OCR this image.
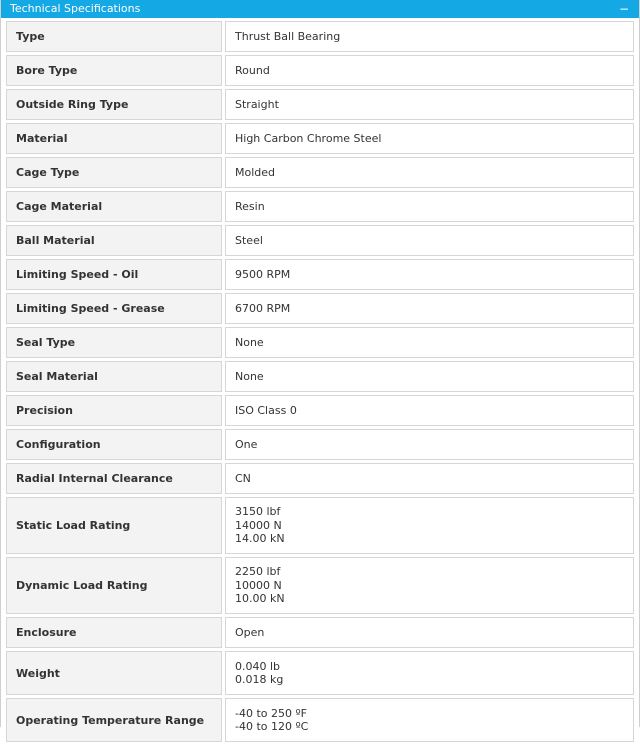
Technical Specifications	−
Type	Thrust Ball Bearing

Bore Type	Round

Outside Ring Type	Straight

Material	High Carbon Chrome Steel

Cage Type	Molded

Cage Material	Resin

Ball Material	Steel

Limiting Speed - Oil	9500 RPM

Limiting Speed - Grease	6700 RPM

Seal Type	None

Seal Material	None

Precision	ISO Class 0

Configuration	One

Radial Internal Clearance	CN

Static Load Rating	3150 lbf
14000 N
14.00 kN

Dynamic Load Rating	2250 lbf
10000 N
10.00 kN

Enclosure	Open

Weight	0.040 lb
0.018 kg

Operating Temperature Range	-40 to 250 ºF
-40 to 120 ºC
